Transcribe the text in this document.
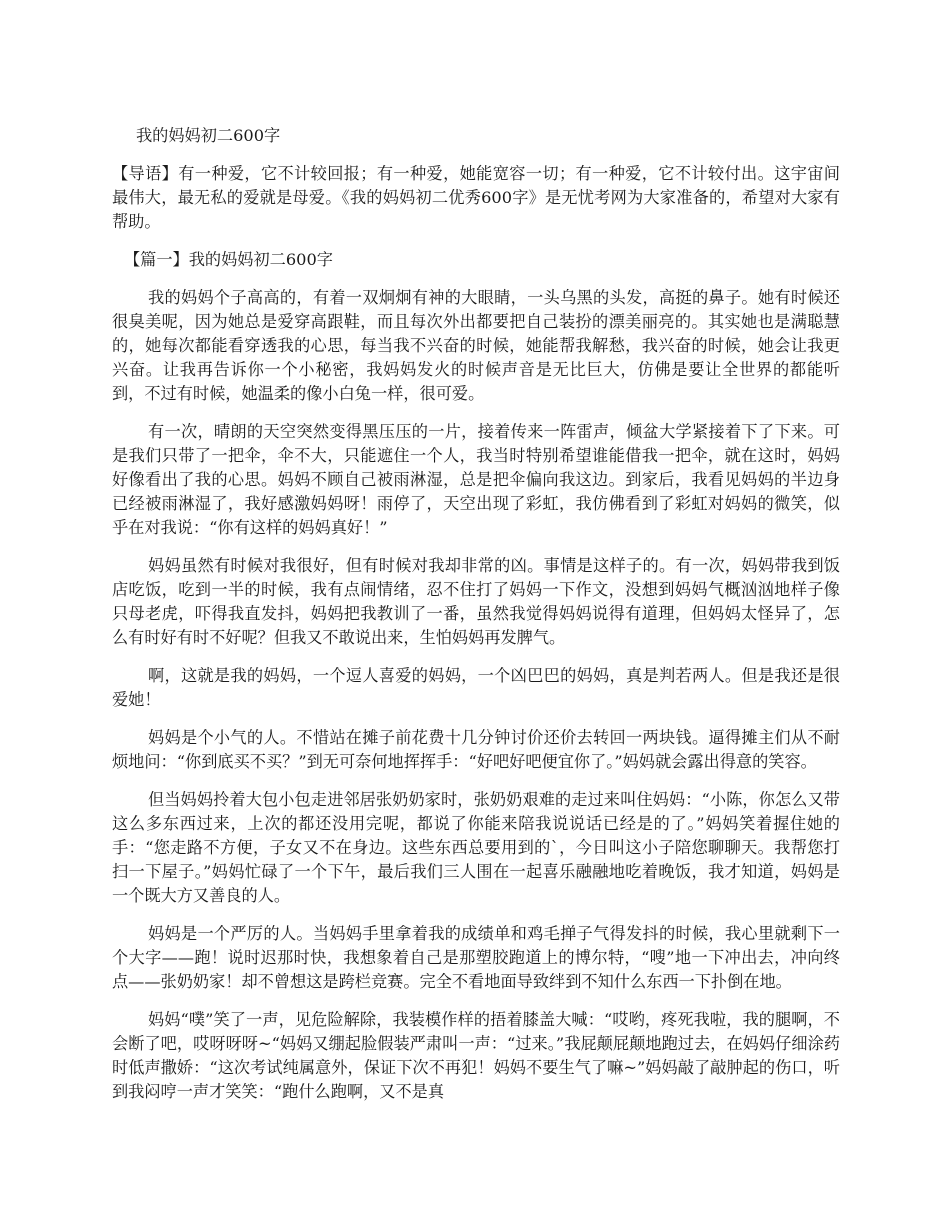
我的妈妈初二600字

【导语】有一种爱，它不计较回报；有一种爱，她能宽容一切；有一种爱，它不计较付出。这宇宙间最伟大，最无私的爱就是母爱。《我的妈妈初二优秀600字》是无忧考网为大家准备的，希望对大家有帮助。

【篇一】我的妈妈初二600字

我的妈妈个子高高的，有着一双炯炯有神的大眼睛，一头乌黑的头发，高挺的鼻子。她有时候还很臭美呢，因为她总是爱穿高跟鞋，而且每次外出都要把自己装扮的漂美丽亮的。其实她也是满聪慧的，她每次都能看穿透我的心思，每当我不兴奋的时候，她能帮我解愁，我兴奋的时候，她会让我更兴奋。让我再告诉你一个小秘密，我妈妈发火的时候声音是无比巨大，仿佛是要让全世界的都能听到，不过有时候，她温柔的像小白兔一样，很可爱。

有一次，晴朗的天空突然变得黑压压的一片，接着传来一阵雷声，倾盆大学紧接着下了下来。可是我们只带了一把伞，伞不大，只能遮住一个人，我当时特别希望谁能借我一把伞，就在这时，妈妈好像看出了我的心思。妈妈不顾自己被雨淋湿，总是把伞偏向我这边。到家后，我看见妈妈的半边身已经被雨淋湿了，我好感激妈妈呀！雨停了，天空出现了彩虹，我仿佛看到了彩虹对妈妈的微笑，似乎在对我说：“你有这样的妈妈真好！”

妈妈虽然有时候对我很好，但有时候对我却非常的凶。事情是这样子的。有一次，妈妈带我到饭店吃饭，吃到一半的时候，我有点闹情绪，忍不住打了妈妈一下作文，没想到妈妈气概汹汹地样子像只母老虎，吓得我直发抖，妈妈把我教训了一番，虽然我觉得妈妈说得有道理，但妈妈太怪异了，怎么有时好有时不好呢？但我又不敢说出来，生怕妈妈再发脾气。

啊，这就是我的妈妈，一个逗人喜爱的妈妈，一个凶巴巴的妈妈，真是判若两人。但是我还是很爱她！

妈妈是个小气的人。不惜站在摊子前花费十几分钟讨价还价去转回一两块钱。逼得摊主们从不耐烦地问：“你到底买不买？”到无可奈何地挥挥手：“好吧好吧便宜你了。”妈妈就会露出得意的笑容。

但当妈妈拎着大包小包走进邻居张奶奶家时，张奶奶艰难的走过来叫住妈妈：“小陈，你怎么又带这么多东西过来，上次的都还没用完呢，都说了你能来陪我说说话已经是的了。”妈妈笑着握住她的手：“您走路不方便，子女又不在身边。这些东西总要用到的`，今日叫这小子陪您聊聊天。我帮您打扫一下屋子。”妈妈忙碌了一个下午，最后我们三人围在一起喜乐融融地吃着晚饭，我才知道，妈妈是一个既大方又善良的人。

妈妈是一个严厉的人。当妈妈手里拿着我的成绩单和鸡毛掸子气得发抖的时候，我心里就剩下一个大字——跑！说时迟那时快，我想象着自己是那塑胶跑道上的博尔特，“嗖”地一下冲出去，冲向终点——张奶奶家！却不曾想这是跨栏竞赛。完全不看地面导致绊到不知什么东西一下扑倒在地。

妈妈“噗”笑了一声，见危险解除，我装模作样的捂着膝盖大喊：“哎哟，疼死我啦，我的腿啊，不会断了吧，哎呀呀呀~“妈妈又绷起脸假装严肃叫一声：“过来。”我屁颠屁颠地跑过去，在妈妈仔细涂药时低声撒娇：“这次考试纯属意外，保证下次不再犯！妈妈不要生气了嘛~”妈妈敲了敲肿起的伤口，听到我闷哼一声才笑笑：“跑什么跑啊，又不是真
